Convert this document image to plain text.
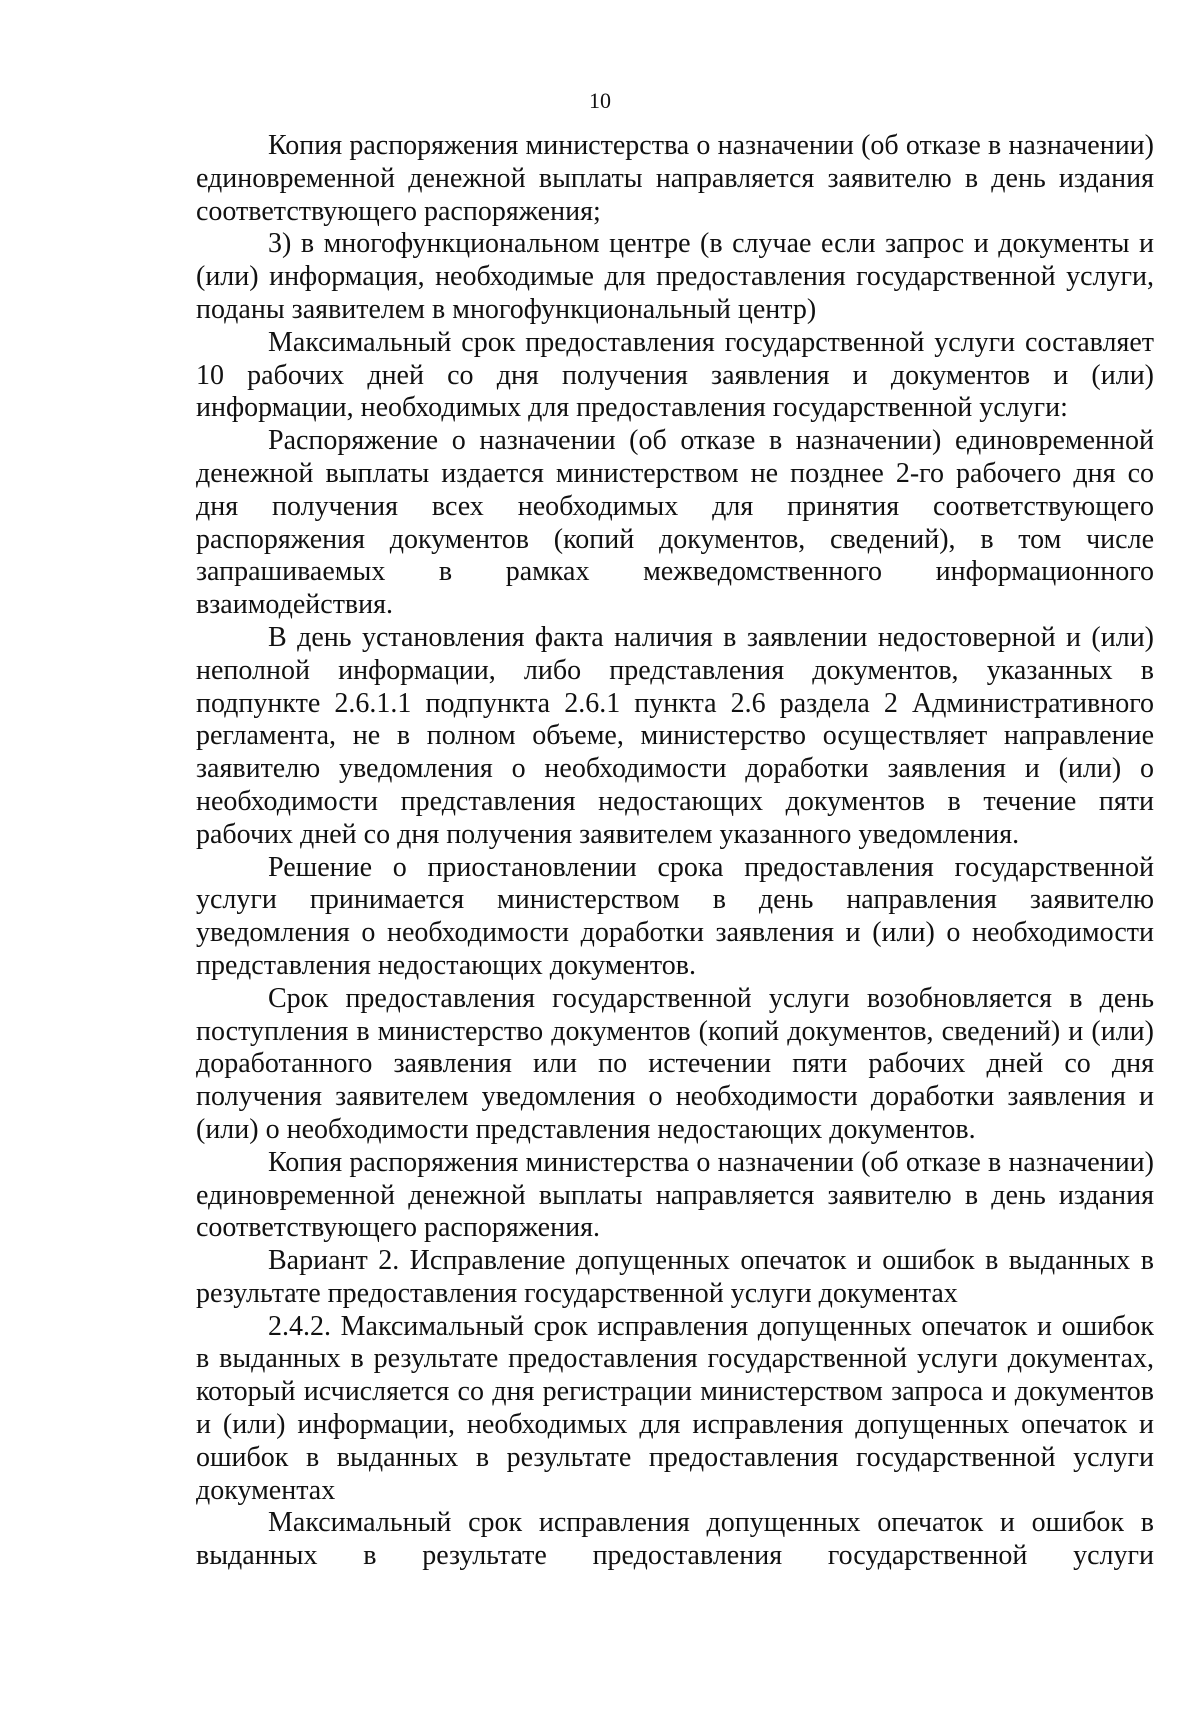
10

Копия распоряжения министерства о назначении (об отказе в назначении) единовременной денежной выплаты направляется заявителю в день издания соответствующего распоряжения;

3) в многофункциональном центре (в случае если запрос и документы и (или) информация, необходимые для предоставления государственной услуги, поданы заявителем в многофункциональный центр)

Максимальный срок предоставления государственной услуги составляет 10 рабочих дней со дня получения заявления и документов и (или) информации, необходимых для предоставления государственной услуги:

Распоряжение о назначении (об отказе в назначении) единовременной денежной выплаты издается министерством не позднее 2-го рабочего дня со дня получения всех необходимых для принятия соответствующего распоряжения документов (копий документов, сведений), в том числе запрашиваемых в рамках межведомственного информационного взаимодействия.

В день установления факта наличия в заявлении недостоверной и (или) неполной информации, либо представления документов, указанных в подпункте 2.6.1.1 подпункта 2.6.1 пункта 2.6 раздела 2 Административного регламента, не в полном объеме, министерство осуществляет направление заявителю уведомления о необходимости доработки заявления и (или) о необходимости представления недостающих документов в течение пяти рабочих дней со дня получения заявителем указанного уведомления.

Решение о приостановлении срока предоставления государственной услуги принимается министерством в день направления заявителю уведомления о необходимости доработки заявления и (или) о необходимости представления недостающих документов.

Срок предоставления государственной услуги возобновляется в день поступления в министерство документов (копий документов, сведений) и (или) доработанного заявления или по истечении пяти рабочих дней со дня получения заявителем уведомления о необходимости доработки заявления и (или) о необходимости представления недостающих документов.

Копия распоряжения министерства о назначении (об отказе в назначении) единовременной денежной выплаты направляется заявителю в день издания соответствующего распоряжения.

Вариант 2. Исправление допущенных опечаток и ошибок в выданных в результате предоставления государственной услуги документах

2.4.2. Максимальный срок исправления допущенных опечаток и ошибок в выданных в результате предоставления государственной услуги документах, который исчисляется со дня регистрации министерством запроса и документов и (или) информации, необходимых для исправления допущенных опечаток и ошибок в выданных в результате предоставления государственной услуги документах

Максимальный срок исправления допущенных опечаток и ошибок в выданных в результате предоставления государственной услуги
